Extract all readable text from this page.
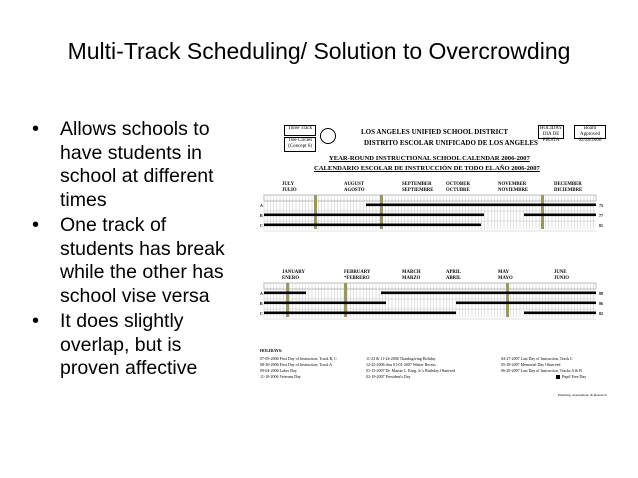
Multi-Track Scheduling/ Solution to Overcrowding
• Allows schools to have students in school at different times
• One track of students has break while the other has school vise versa
• It does slightly overlap, but is proven affective
JULY
JULIO
AUGUST
AGOSTO
SEPTEMBER
SEPTIEMBRE
OCTOBER
OCTUBRE
NOVEMBER
NOVIEMBRE
DECEMBER
DICIEMBRE
A	75
B	77
C	81
JANUARY
ENERO
FEBRUARY
*FEBRERO
MARCH
MARZO
APRIL
ABRIL
MAY
MAYO
JUNE
JUNIO
A	88
B	86
C	82
Three Track
Tree Circles (Concept 6)
LOS ANGELES UNIFIED SCHOOL DISTRICT
DISTRITO ESCOLAR UNIFICADO DE LOS ANGELES
HOLIDAY DIA DE FIESTA
Board Approved 02/28/2006
YEAR-ROUND INSTRUCTIONAL SCHOOL CALENDAR 2006-2007
CALENDARIO ESCOLAR DE INSTRUCCIÓN DE TODO EL AÑO 2006-2007
HOLIDAYS:
07-05-2006 First Day of Instruction, Track B, C
08-30-2006 First Day of Instruction, Track A
09-04-2006 Labor Day
11-10-2006 Veterans Day
11-23 & 11-24-2006 Thanksgiving Holiday
12-25-2006 thru 01-01-2007 Winter Recess
01-15-2007 Dr. Martin L. King, Jr.'s Birthday Observed
02-19-2007 President's Day
04-27-2007 Last Day of Instruction, Track C
05-28-2007 Memorial Day Observed
06-29-2007 Last Day of Instruction, Tracks A & B
Pupil Free Day
Planning, Assessment, & Research
